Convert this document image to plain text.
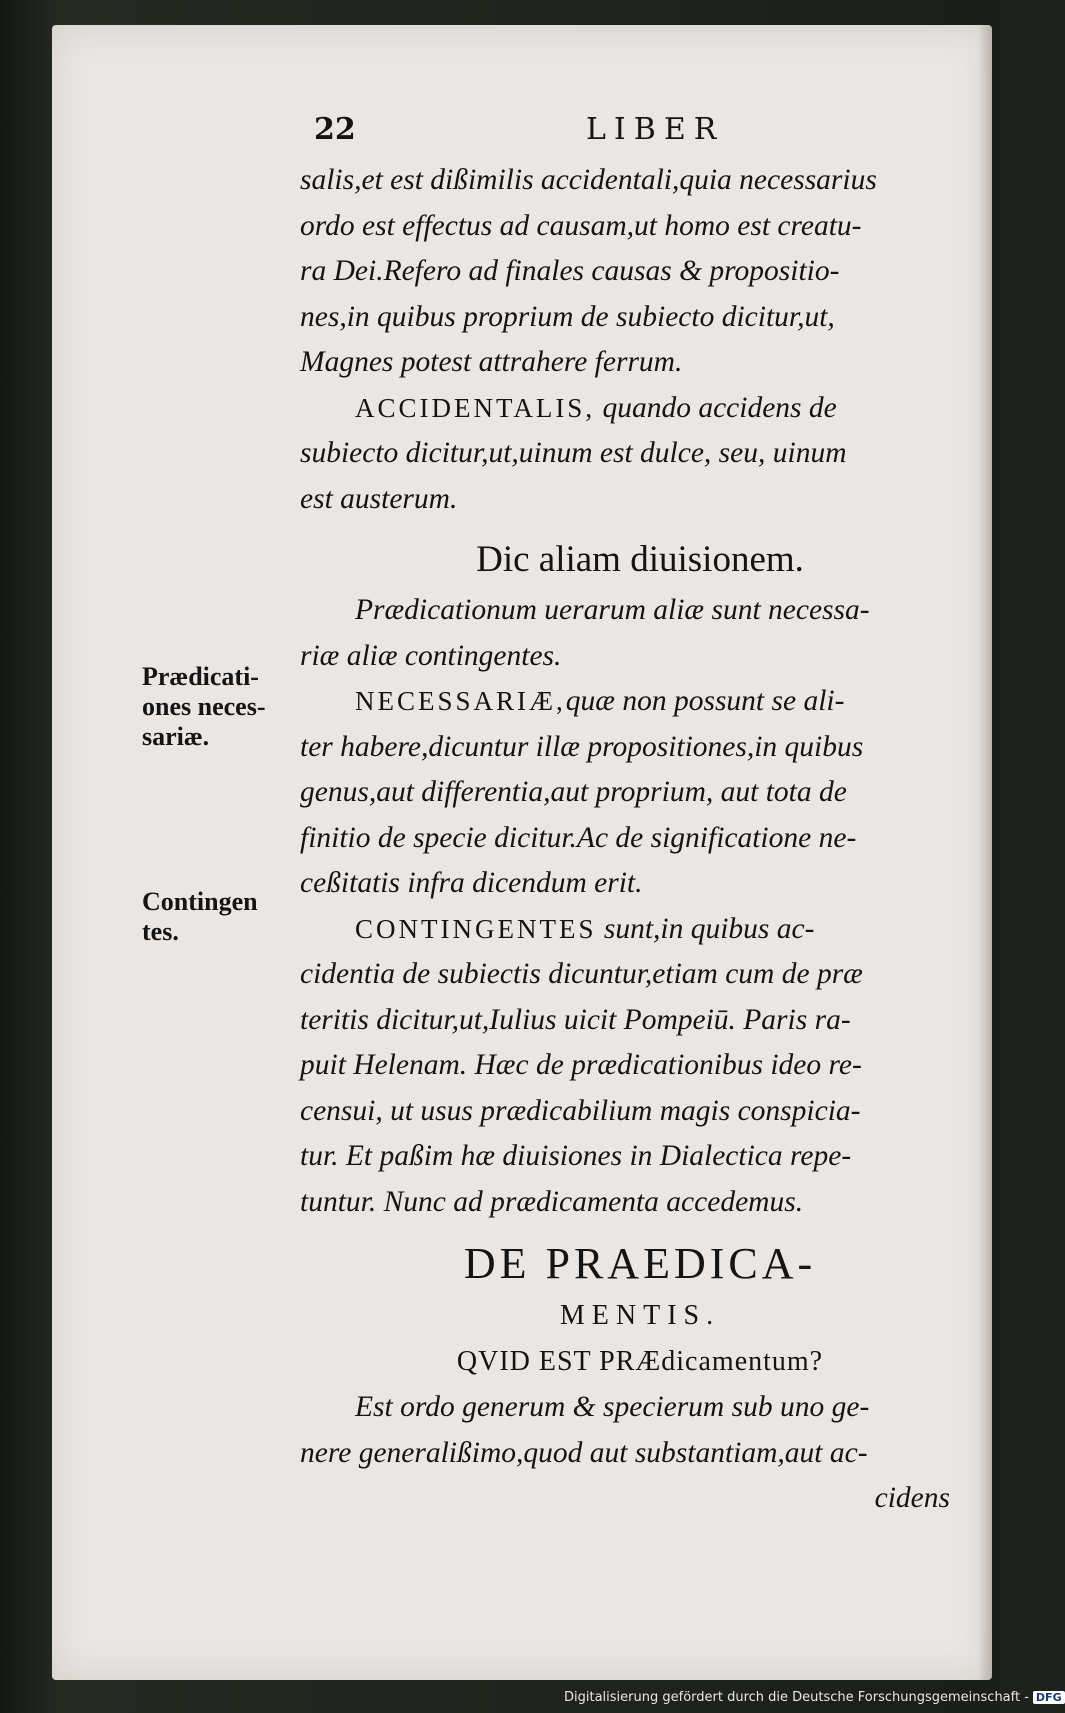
22	LIBER
Prædicati-
ones neces-
sariæ.
Contingen
tes.

salis,et est dißimilis accidentali,quia necessarius
ordo est effectus ad causam,ut homo est creatu-
ra Dei.Refero ad finales causas & propositio-
nes,in quibus proprium de subiecto dicitur,ut,
Magnes potest attrahere ferrum.

ACCIDENTALIS, quando accidens de
subiecto dicitur,ut,uinum est dulce, seu, uinum
est austerum.

Dic aliam diuisionem.

Prædicationum uerarum aliæ sunt necessa-
riæ aliæ contingentes.

NECESSARIÆ,quæ non possunt se ali-
ter habere,dicuntur illæ propositiones,in quibus
genus,aut differentia,aut proprium, aut tota de
finitio de specie dicitur.Ac de significatione ne-
ceßitatis infra dicendum erit.

CONTINGENTES sunt,in quibus ac-
cidentia de subiectis dicuntur,etiam cum de præ
teritis dicitur,ut,Iulius uicit Pompeiū. Paris ra-
puit Helenam. Hæc de prædicationibus ideo re-
censui, ut usus prædicabilium magis conspicia-
tur. Et paßim hæ diuisiones in Dialectica repe-
tuntur. Nunc ad prædicamenta accedemus.

DE PRAEDICA-

MENTIS.

QVID EST PRÆdicamentum?

Est ordo generum & specierum sub uno ge-
nere generalißimo,quod aut substantiam,aut ac-

cidens

Digitalisierung gefördert durch die Deutsche Forschungsgemeinschaft - DFG
